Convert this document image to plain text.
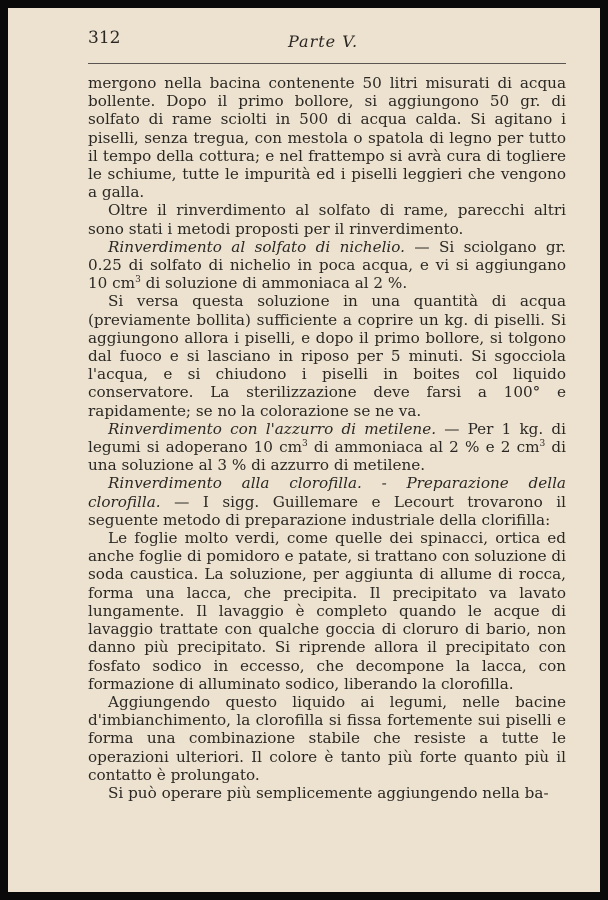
312	Parte V.

mergono nella bacina contenente 50 litri misurati di acqua bollente. Dopo il primo bollore, si aggiungono 50 gr. di solfato di rame sciolti in 500 di acqua calda. Si agitano i piselli, senza tregua, con mestola o spatola di legno per tutto il tempo della cottura; e nel frattempo si avrà cura di togliere le schiume, tutte le impurità ed i piselli leggieri che vengono a galla.

Oltre il rinverdimento al solfato di rame, parecchi altri sono stati i metodi proposti per il rinverdimento.

Rinverdimento al solfato di nichelio. — Si sciolgano gr. 0.25 di solfato di nichelio in poca acqua, e vi si aggiungano 10 $cm^3$ di soluzione di ammoniaca al 2 %.

Si versa questa soluzione in una quantità di acqua (previamente bollita) sufficiente a coprire un kg. di piselli. Si aggiungono allora i piselli, e dopo il primo bollore, si tolgono dal fuoco e si lasciano in riposo per 5 minuti. Si sgocciola l'acqua, e si chiudono i piselli in boites col liquido conservatore. La sterilizzazione deve farsi a 100° e rapidamente; se no la colorazione se ne va.

Rinverdimento con l'azzurro di metilene. — Per 1 kg. di legumi si adoperano 10 $cm^3$ di ammoniaca al 2 % e 2 $cm^3$ di una soluzione al 3 % di azzurro di metilene.

Rinverdimento alla clorofilla. - Preparazione della clorofilla. — I sigg. Guillemare e Lecourt trovarono il seguente metodo di preparazione industriale della clorifilla:

Le foglie molto verdi, come quelle dei spinacci, ortica ed anche foglie di pomidoro e patate, si trattano con soluzione di soda caustica. La soluzione, per aggiunta di allume di rocca, forma una lacca, che precipita. Il precipitato va lavato lungamente. Il lavaggio è completo quando le acque di lavaggio trattate con qualche goccia di cloruro di bario, non danno più precipitato. Si riprende allora il precipitato con fosfato sodico in eccesso, che decompone la lacca, con formazione di alluminato sodico, liberando la clorofilla.

Aggiungendo questo liquido ai legumi, nelle bacine d'imbianchimento, la clorofilla si fissa fortemente sui piselli e forma una combinazione stabile che resiste a tutte le operazioni ulteriori. Il colore è tanto più forte quanto più il contatto è prolungato.

Si può operare più semplicemente aggiungendo nella ba-
